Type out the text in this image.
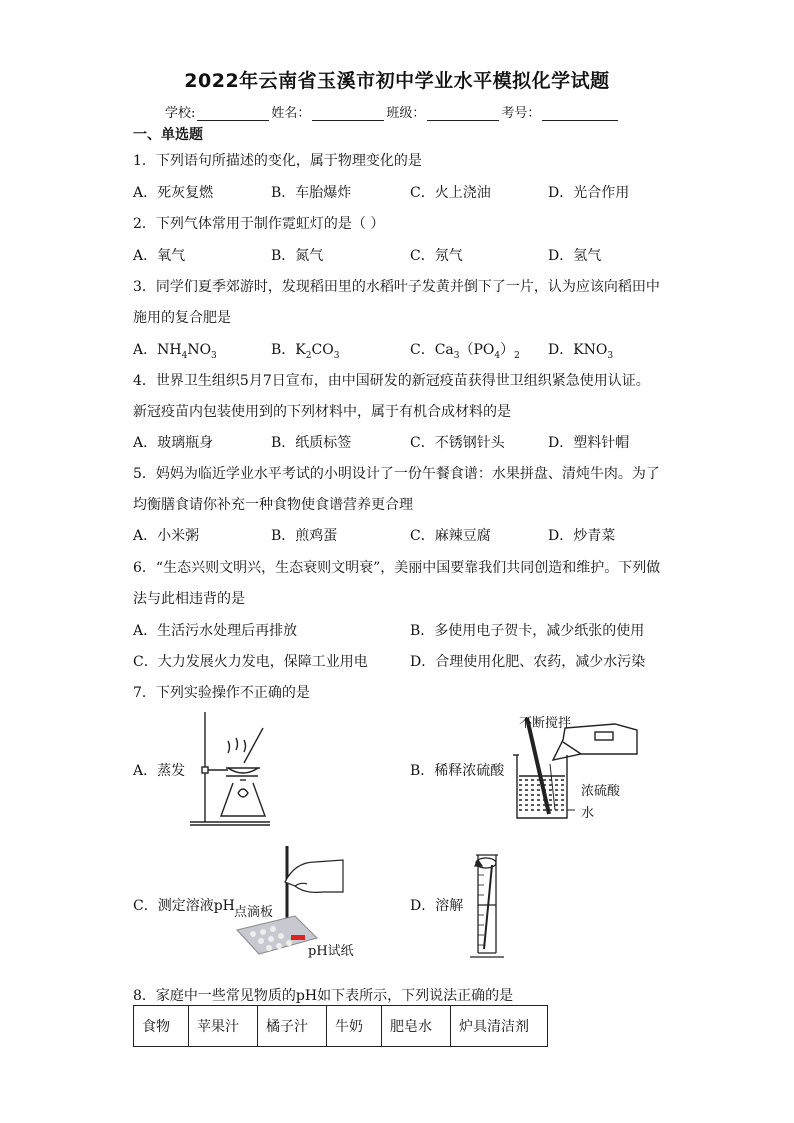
2022年云南省玉溪市初中学业水平模拟化学试题
学校:	姓名：	班级：	考号：
一、单选题
1．下列语句所描述的变化，属于物理变化的是
A．死灰复燃	B．车胎爆炸	C．火上浇油	D．光合作用
2．下列气体常用于制作霓虹灯的是（ ）
A．氧气	B．氮气	C．氖气	D．氢气
3．同学们夏季郊游时，发现稻田里的水稻叶子发黄并倒下了一片，认为应该向稻田中
施用的复合肥是
A．$NH_4NO_3$	B．$K_2CO_3$	C．$Ca_3(PO_4)_2$ D．$KNO_3$
4．世界卫生组织5月7日宣布，由中国研发的新冠疫苗获得世卫组织紧急使用认证。
新冠疫苗内包装使用到的下列材料中，属于有机合成材料的是
A．玻璃瓶身	B．纸质标签	C．不锈钢针头	D．塑料针帽
5．妈妈为临近学业水平考试的小明设计了一份午餐食谱：水果拼盘、清炖牛肉。为了
均衡膳食请你补充一种食物使食谱营养更合理
A．小米粥	B．煎鸡蛋	C．麻辣豆腐	D．炒青菜
6．“生态兴则文明兴，生态衰则文明衰”，美丽中国要靠我们共同创造和维护。下列做
法与此相违背的是
A．生活污水处理后再排放	B．多使用电子贺卡，减少纸张的使用
C．大力发展火力发电，保障工业用电	D．合理使用化肥、农药，减少水污染
7．下列实验操作不正确的是
A．蒸发	B．稀释浓硫酸
不断搅拌
浓硫酸
水
C．测定溶液pH 点滴板
pH试纸
D．溶解
8．家庭中一些常见物质的pH如下表所示，下列说法正确的是
食物	苹果汁	橘子汁	牛奶	肥皂水	炉具清洁剂
